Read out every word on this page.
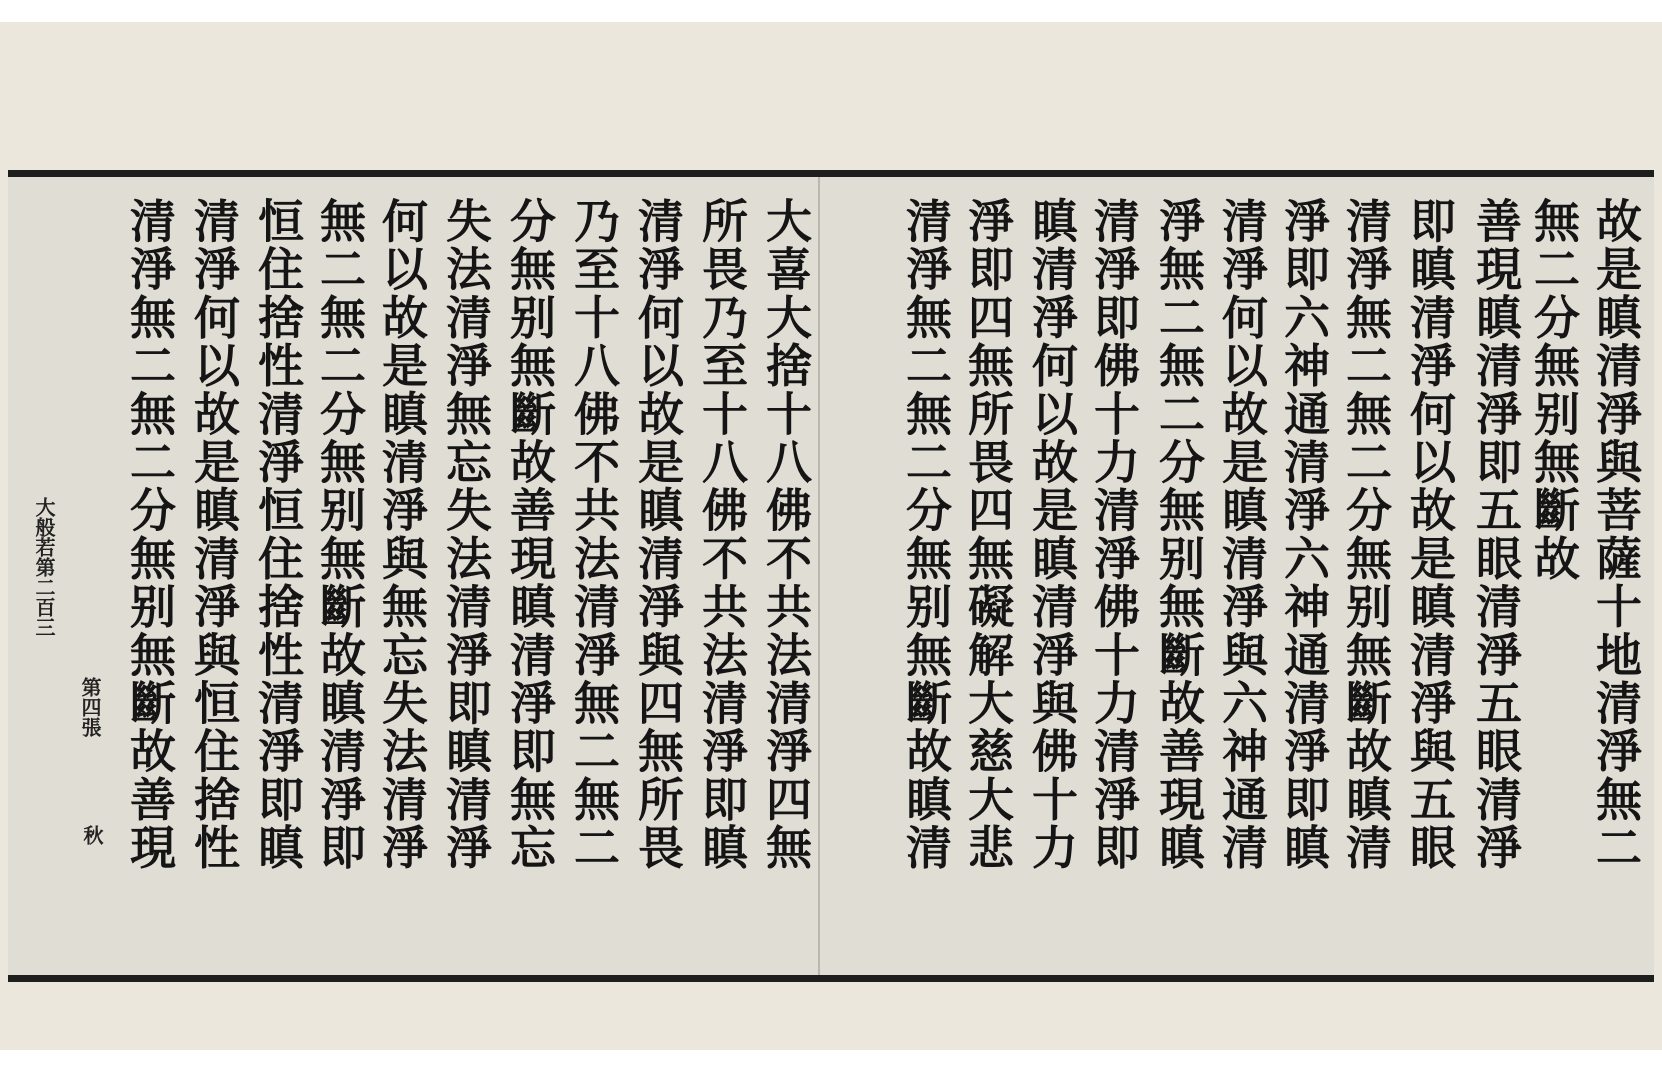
故是瞋清淨與菩薩十地清淨無二
無二分無别無斷故
善現瞋清淨即五眼清淨五眼清淨
即瞋清淨何以故是瞋清淨與五眼
清淨無二無二分無别無斷故瞋清
淨即六神通清淨六神通清淨即瞋
清淨何以故是瞋清淨與六神通清
淨無二無二分無别無斷故善現瞋
清淨即佛十力清淨佛十力清淨即
瞋清淨何以故是瞋清淨與佛十力
淨即四無所畏四無礙解大慈大悲
清淨無二無二分無别無斷故瞋清
大喜大捨十八佛不共法清淨四無
所畏乃至十八佛不共法清淨即瞋
清淨何以故是瞋清淨與四無所畏
乃至十八佛不共法清淨無二無二
分無别無斷故善現瞋清淨即無忘
失法清淨無忘失法清淨即瞋清淨
何以故是瞋清淨與無忘失法清淨
無二無二分無别無斷故瞋清淨即
恒住捨性清淨恒住捨性清淨即瞋
清淨何以故是瞋清淨與恒住捨性
清淨無二無二分無别無斷故善現
大般若第二百三
第四張
秋
